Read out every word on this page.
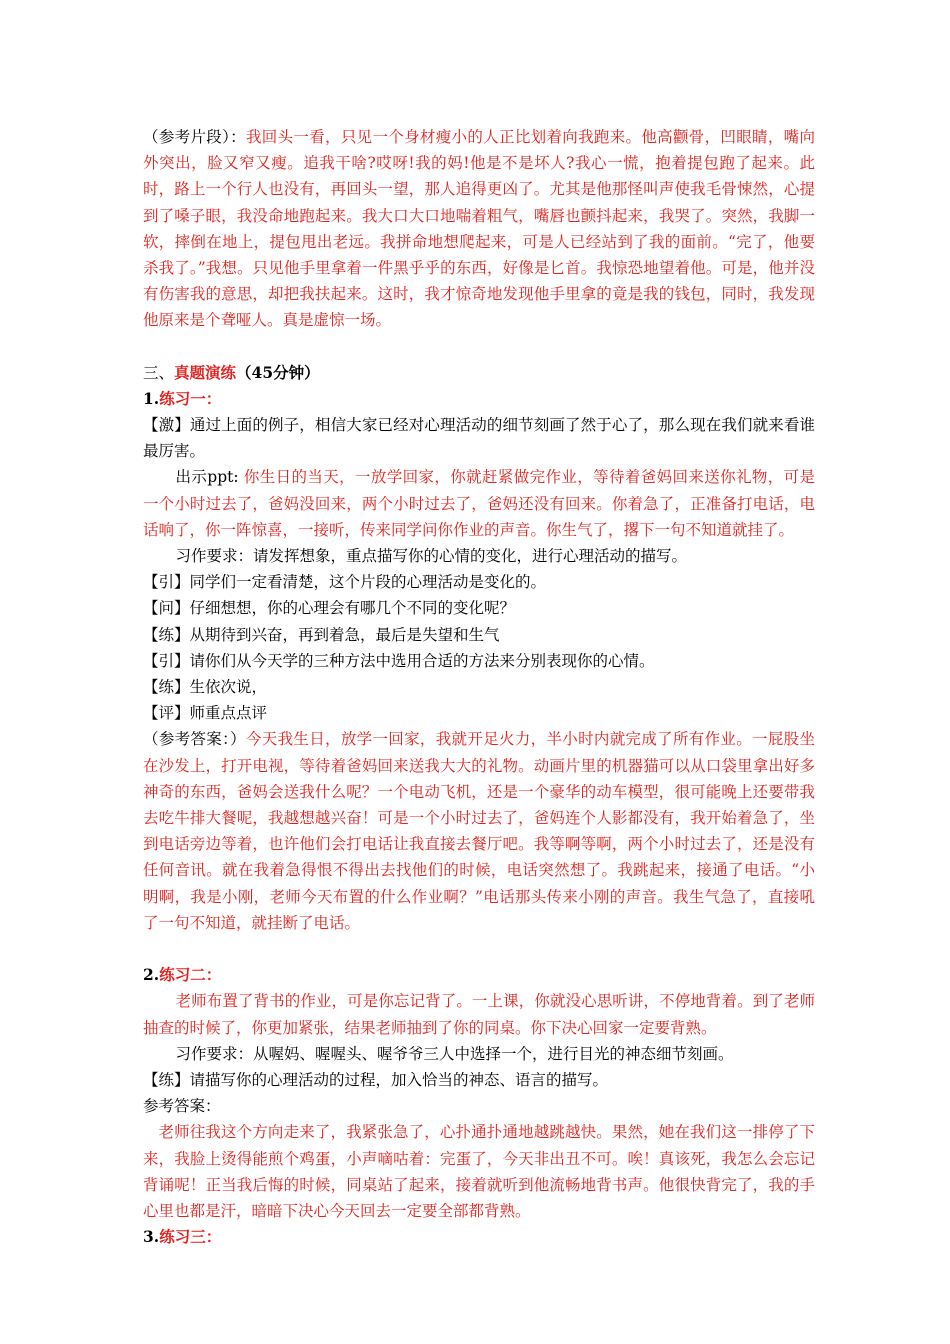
（参考片段）：我回头一看，只见一个身材瘦小的人正比划着向我跑来。他高颧骨，凹眼睛，嘴向外突出，脸又窄又瘦。追我干啥?哎呀!我的妈!他是不是坏人?我心一慌，抱着提包跑了起来。此时，路上一个行人也没有，再回头一望，那人追得更凶了。尤其是他那怪叫声使我毛骨悚然，心提到了嗓子眼，我没命地跑起来。我大口大口地喘着粗气，嘴唇也颤抖起来，我哭了。突然，我脚一软，摔倒在地上，提包甩出老远。我拼命地想爬起来，可是人已经站到了我的面前。“完了，他要杀我了。”我想。只见他手里拿着一件黑乎乎的东西，好像是匕首。我惊恐地望着他。可是，他并没有伤害我的意思，却把我扶起来。这时，我才惊奇地发现他手里拿的竟是我的钱包，同时，我发现他原来是个聋哑人。真是虚惊一场。

三、真题演练（45分钟）

1.练习一：

【激】通过上面的例子，相信大家已经对心理活动的细节刻画了然于心了，那么现在我们就来看谁最厉害。

出示ppt: 你生日的当天，一放学回家，你就赶紧做完作业，等待着爸妈回来送你礼物，可是一个小时过去了，爸妈没回来，两个小时过去了，爸妈还没有回来。你着急了，正准备打电话，电话响了，你一阵惊喜，一接听，传来同学问你作业的声音。你生气了，撂下一句不知道就挂了。

习作要求：请发挥想象，重点描写你的心情的变化，进行心理活动的描写。

【引】同学们一定看清楚，这个片段的心理活动是变化的。

【问】仔细想想，你的心理会有哪几个不同的变化呢？

【练】从期待到兴奋，再到着急，最后是失望和生气

【引】请你们从今天学的三种方法中选用合适的方法来分别表现你的心情。

【练】生依次说，

【评】师重点点评

（参考答案：）今天我生日，放学一回家，我就开足火力，半小时内就完成了所有作业。一屁股坐在沙发上，打开电视，等待着爸妈回来送我大大的礼物。动画片里的机器猫可以从口袋里拿出好多神奇的东西，爸妈会送我什么呢？一个电动飞机，还是一个豪华的动车模型，很可能晚上还要带我去吃牛排大餐呢，我越想越兴奋！可是一个小时过去了，爸妈连个人影都没有，我开始着急了，坐到电话旁边等着，也许他们会打电话让我直接去餐厅吧。我等啊等啊，两个小时过去了，还是没有任何音讯。就在我着急得恨不得出去找他们的时候，电话突然想了。我跳起来，接通了电话。“小明啊，我是小刚，老师今天布置的什么作业啊？”电话那头传来小刚的声音。我生气急了，直接吼了一句不知道，就挂断了电话。

2.练习二：

老师布置了背书的作业，可是你忘记背了。一上课，你就没心思听讲，不停地背着。到了老师抽查的时候了，你更加紧张，结果老师抽到了你的同桌。你下决心回家一定要背熟。

习作要求：从喔妈、喔喔头、喔爷爷三人中选择一个，进行目光的神态细节刻画。

【练】请描写你的心理活动的过程，加入恰当的神态、语言的描写。

参考答案：

老师往我这个方向走来了，我紧张急了，心扑通扑通地越跳越快。果然，她在我们这一排停了下来，我脸上烫得能煎个鸡蛋，小声嘀咕着：完蛋了，今天非出丑不可。唉！真该死，我怎么会忘记背诵呢！正当我后悔的时候，同桌站了起来，接着就听到他流畅地背书声。他很快背完了，我的手心里也都是汗，暗暗下决心今天回去一定要全部都背熟。

3.练习三：
